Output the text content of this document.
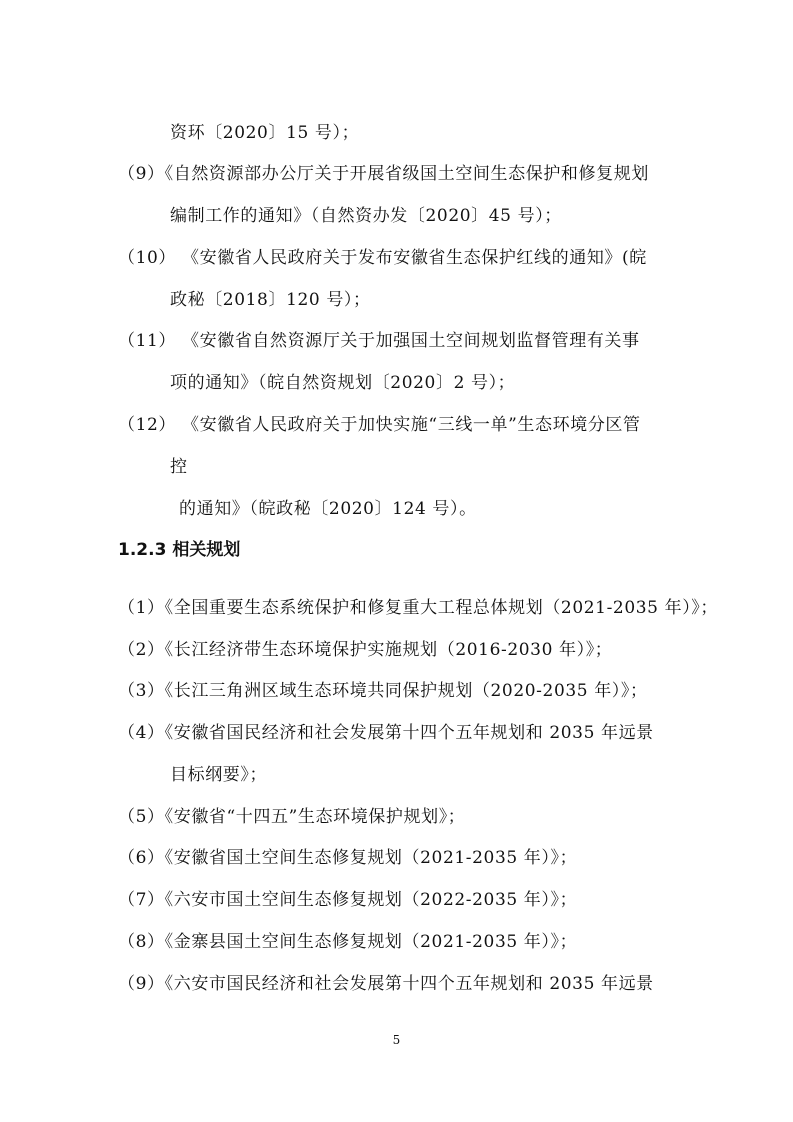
资环〔2020〕15 号）；
（9）《自然资源部办公厅关于开展省级国土空间生态保护和修复规划
编制工作的通知》（自然资办发〔2020〕45 号）；
（10） 《安徽省人民政府关于发布安徽省生态保护红线的通知》(皖
政秘〔2018〕120 号）；
（11） 《安徽省自然资源厅关于加强国土空间规划监督管理有关事
项的通知》（皖自然资规划〔2020〕2 号）；
（12） 《安徽省人民政府关于加快实施“三线一单”生态环境分区管
控
的通知》（皖政秘〔2020〕124 号）。
1.2.3 相关规划
（1）《全国重要生态系统保护和修复重大工程总体规划（2021-2035 年）》；
（2）《长江经济带生态环境保护实施规划（2016-2030 年）》；
（3）《长江三角洲区域生态环境共同保护规划（2020-2035 年）》；
（4）《安徽省国民经济和社会发展第十四个五年规划和 2035 年远景
目标纲要》；
（5）《安徽省“十四五”生态环境保护规划》；
（6）《安徽省国土空间生态修复规划（2021-2035 年）》；
（7）《六安市国土空间生态修复规划（2022-2035 年）》；
（8）《金寨县国土空间生态修复规划（2021-2035 年）》；
（9）《六安市国民经济和社会发展第十四个五年规划和 2035 年远景
5
